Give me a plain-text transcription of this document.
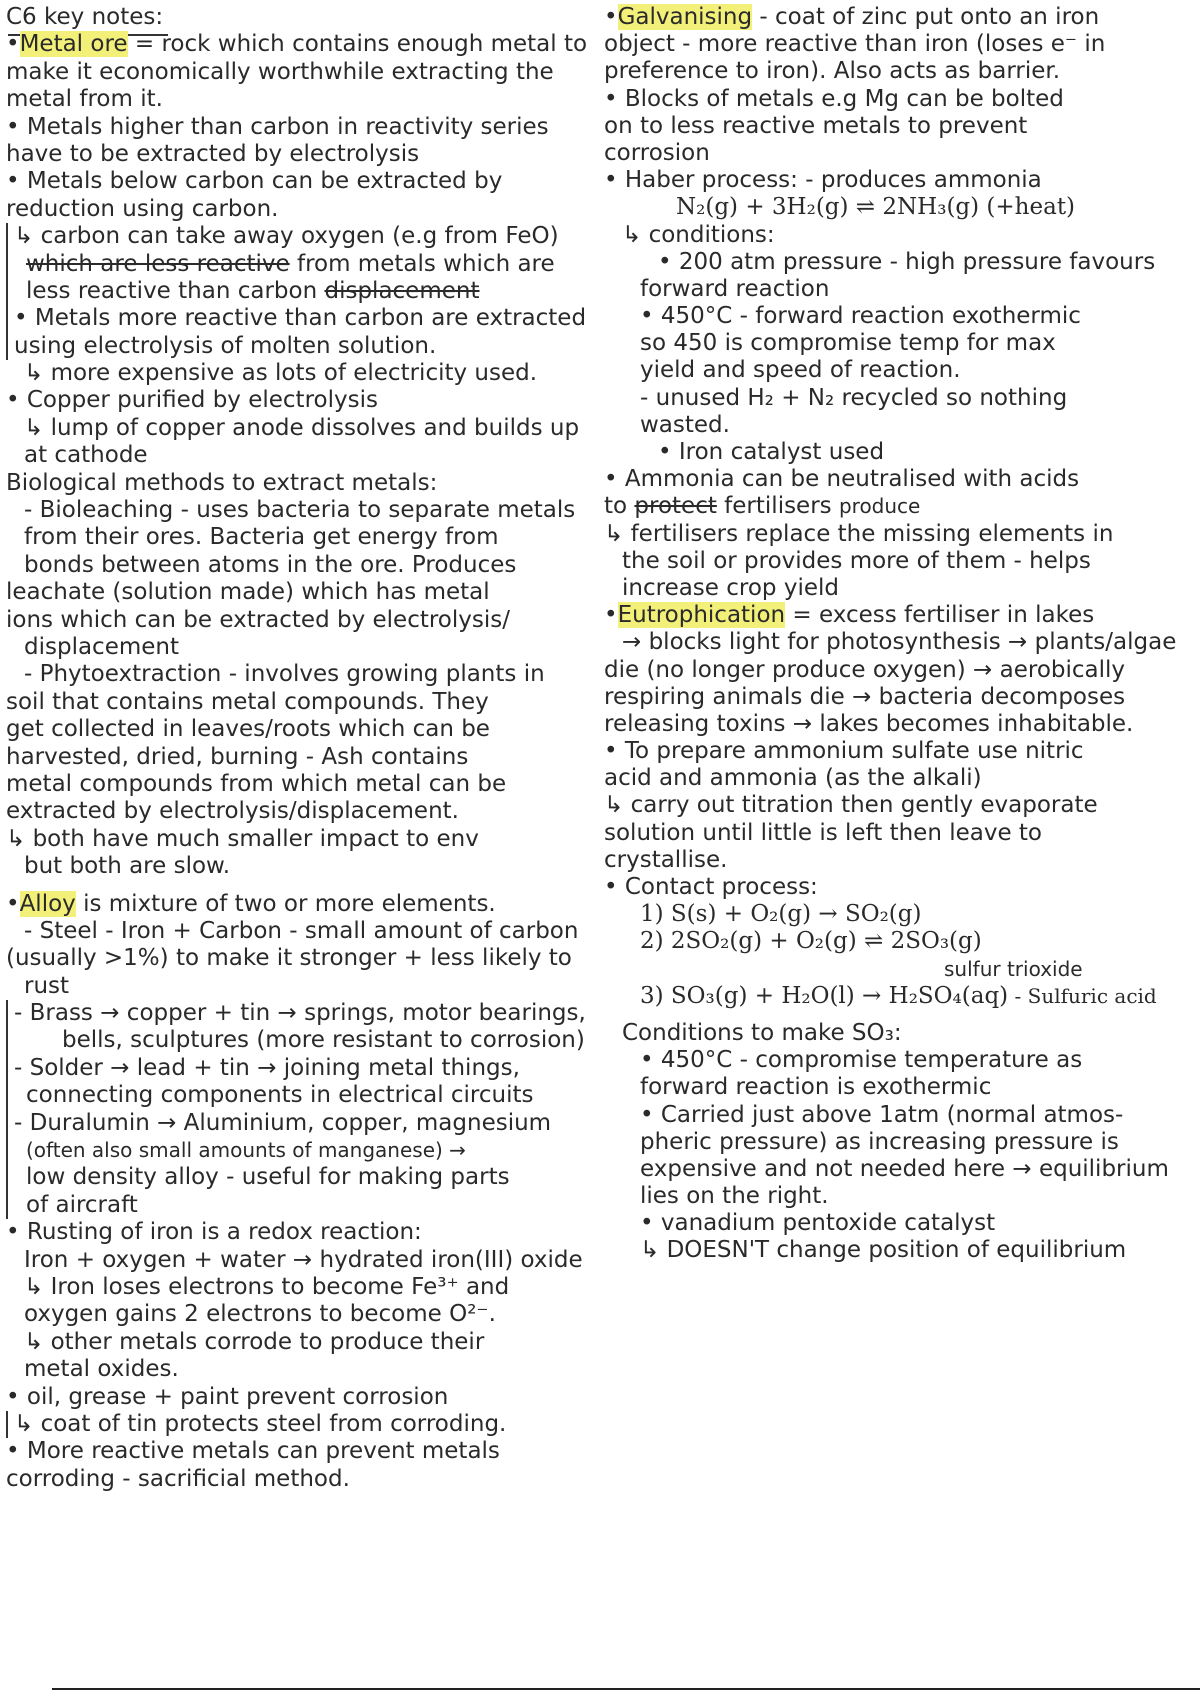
C6 key notes:
•Metal ore = rock which contains enough metal to
make it economically worthwhile extracting the
metal from it.
• Metals higher than carbon in reactivity series
have to be extracted by electrolysis
• Metals below carbon can be extracted by
reduction using carbon.
↳ carbon can take away oxygen (e.g from FeO)
which are less reactive from metals which are
less reactive than carbon displacement
• Metals more reactive than carbon are extracted
using electrolysis of molten solution.
↳ more expensive as lots of electricity used.
• Copper purified by electrolysis
↳ lump of copper anode dissolves and builds up
at cathode
Biological methods to extract metals:
- Bioleaching - uses bacteria to separate metals
from their ores. Bacteria get energy from
bonds between atoms in the ore. Produces
leachate (solution made) which has metal
ions which can be extracted by electrolysis/
displacement
- Phytoextraction - involves growing plants in
soil that contains metal compounds. They
get collected in leaves/roots which can be
harvested, dried, burning - Ash contains
metal compounds from which metal can be
extracted by electrolysis/displacement.
↳ both have much smaller impact to env
but both are slow.
•Alloy is mixture of two or more elements.
- Steel - Iron + Carbon - small amount of carbon
(usually >1%) to make it stronger + less likely to
rust
- Brass → copper + tin → springs, motor bearings,
bells, sculptures (more resistant to corrosion)
- Solder → lead + tin → joining metal things,
connecting components in electrical circuits
- Duralumin → Aluminium, copper, magnesium
(often also small amounts of manganese) →
low density alloy - useful for making parts
of aircraft
• Rusting of iron is a redox reaction:
Iron + oxygen + water → hydrated iron(III) oxide
↳ Iron loses electrons to become Fe³⁺ and
oxygen gains 2 electrons to become O²⁻.
↳ other metals corrode to produce their
metal oxides.
• oil, grease + paint prevent corrosion
↳ coat of tin protects steel from corroding.
• More reactive metals can prevent metals
corroding - sacrificial method.
•Galvanising - coat of zinc put onto an iron
object - more reactive than iron (loses e⁻ in
preference to iron). Also acts as barrier.
• Blocks of metals e.g Mg can be bolted
on to less reactive metals to prevent
corrosion
• Haber process: - produces ammonia
N₂(g) + 3H₂(g) ⇌ 2NH₃(g) (+heat)
↳ conditions:
• 200 atm pressure - high pressure favours
forward reaction
• 450°C - forward reaction exothermic
so 450 is compromise temp for max
yield and speed of reaction.
- unused H₂ + N₂ recycled so nothing
wasted.
• Iron catalyst used
• Ammonia can be neutralised with acids
to protect fertilisers produce
↳ fertilisers replace the missing elements in
the soil or provides more of them - helps
increase crop yield
•Eutrophication = excess fertiliser in lakes
→ blocks light for photosynthesis → plants/algae
die (no longer produce oxygen) → aerobically
respiring animals die → bacteria decomposes
releasing toxins → lakes becomes inhabitable.
• To prepare ammonium sulfate use nitric
acid and ammonia (as the alkali)
↳ carry out titration then gently evaporate
solution until little is left then leave to
crystallise.
• Contact process:
1) S(s) + O₂(g) → SO₂(g)
2) 2SO₂(g) + O₂(g) ⇌ 2SO₃(g)
sulfur trioxide
3) SO₃(g) + H₂O(l) → H₂SO₄(aq) - Sulfuric acid
Conditions to make SO₃:
• 450°C - compromise temperature as
forward reaction is exothermic
• Carried just above 1atm (normal atmos-
pheric pressure) as increasing pressure is
expensive and not needed here → equilibrium
lies on the right.
• vanadium pentoxide catalyst
↳ DOESN'T change position of equilibrium
